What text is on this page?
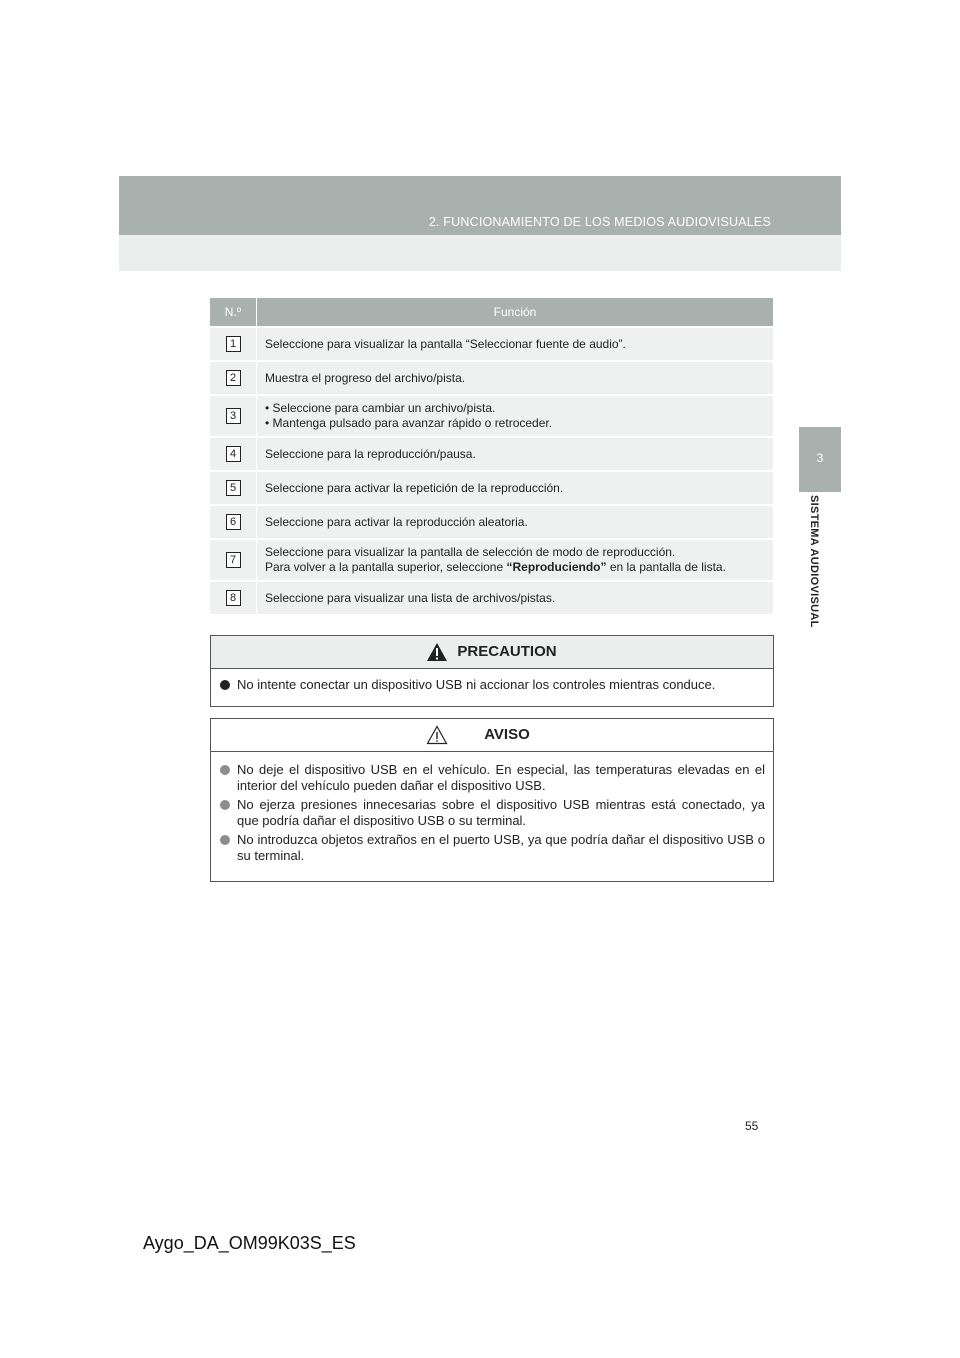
2. FUNCIONAMIENTO DE LOS MEDIOS AUDIOVISUALES
3
SISTEMA AUDIOVISUAL
N.º	Función
1	Seleccione para visualizar la pantalla “Seleccionar fuente de audio”.
2	Muestra el progreso del archivo/pista.
3	• Seleccione para cambiar un archivo/pista.
• Mantenga pulsado para avanzar rápido o retroceder.

4	Seleccione para la reproducción/pausa.
5	Seleccione para activar la repetición de la reproducción.
6	Seleccione para activar la reproducción aleatoria.
7	Seleccione para visualizar la pantalla de selección de modo de reproducción.
Para volver a la pantalla superior, seleccione “Reproduciendo” en la pantalla de lista.

8	Seleccione para visualizar una lista de archivos/pistas.
PRECAUTION
No intente conectar un dispositivo USB ni accionar los controles mientras conduce.
AVISO
No deje el dispositivo USB en el vehículo. En especial, las temperaturas elevadas en el interior del vehículo pueden dañar el dispositivo USB.
No ejerza presiones innecesarias sobre el dispositivo USB mientras está conectado, ya que podría dañar el dispositivo USB o su terminal.
No introduzca objetos extraños en el puerto USB, ya que podría dañar el dispositivo USB o su terminal.
55
Aygo_DA_OM99K03S_ES
